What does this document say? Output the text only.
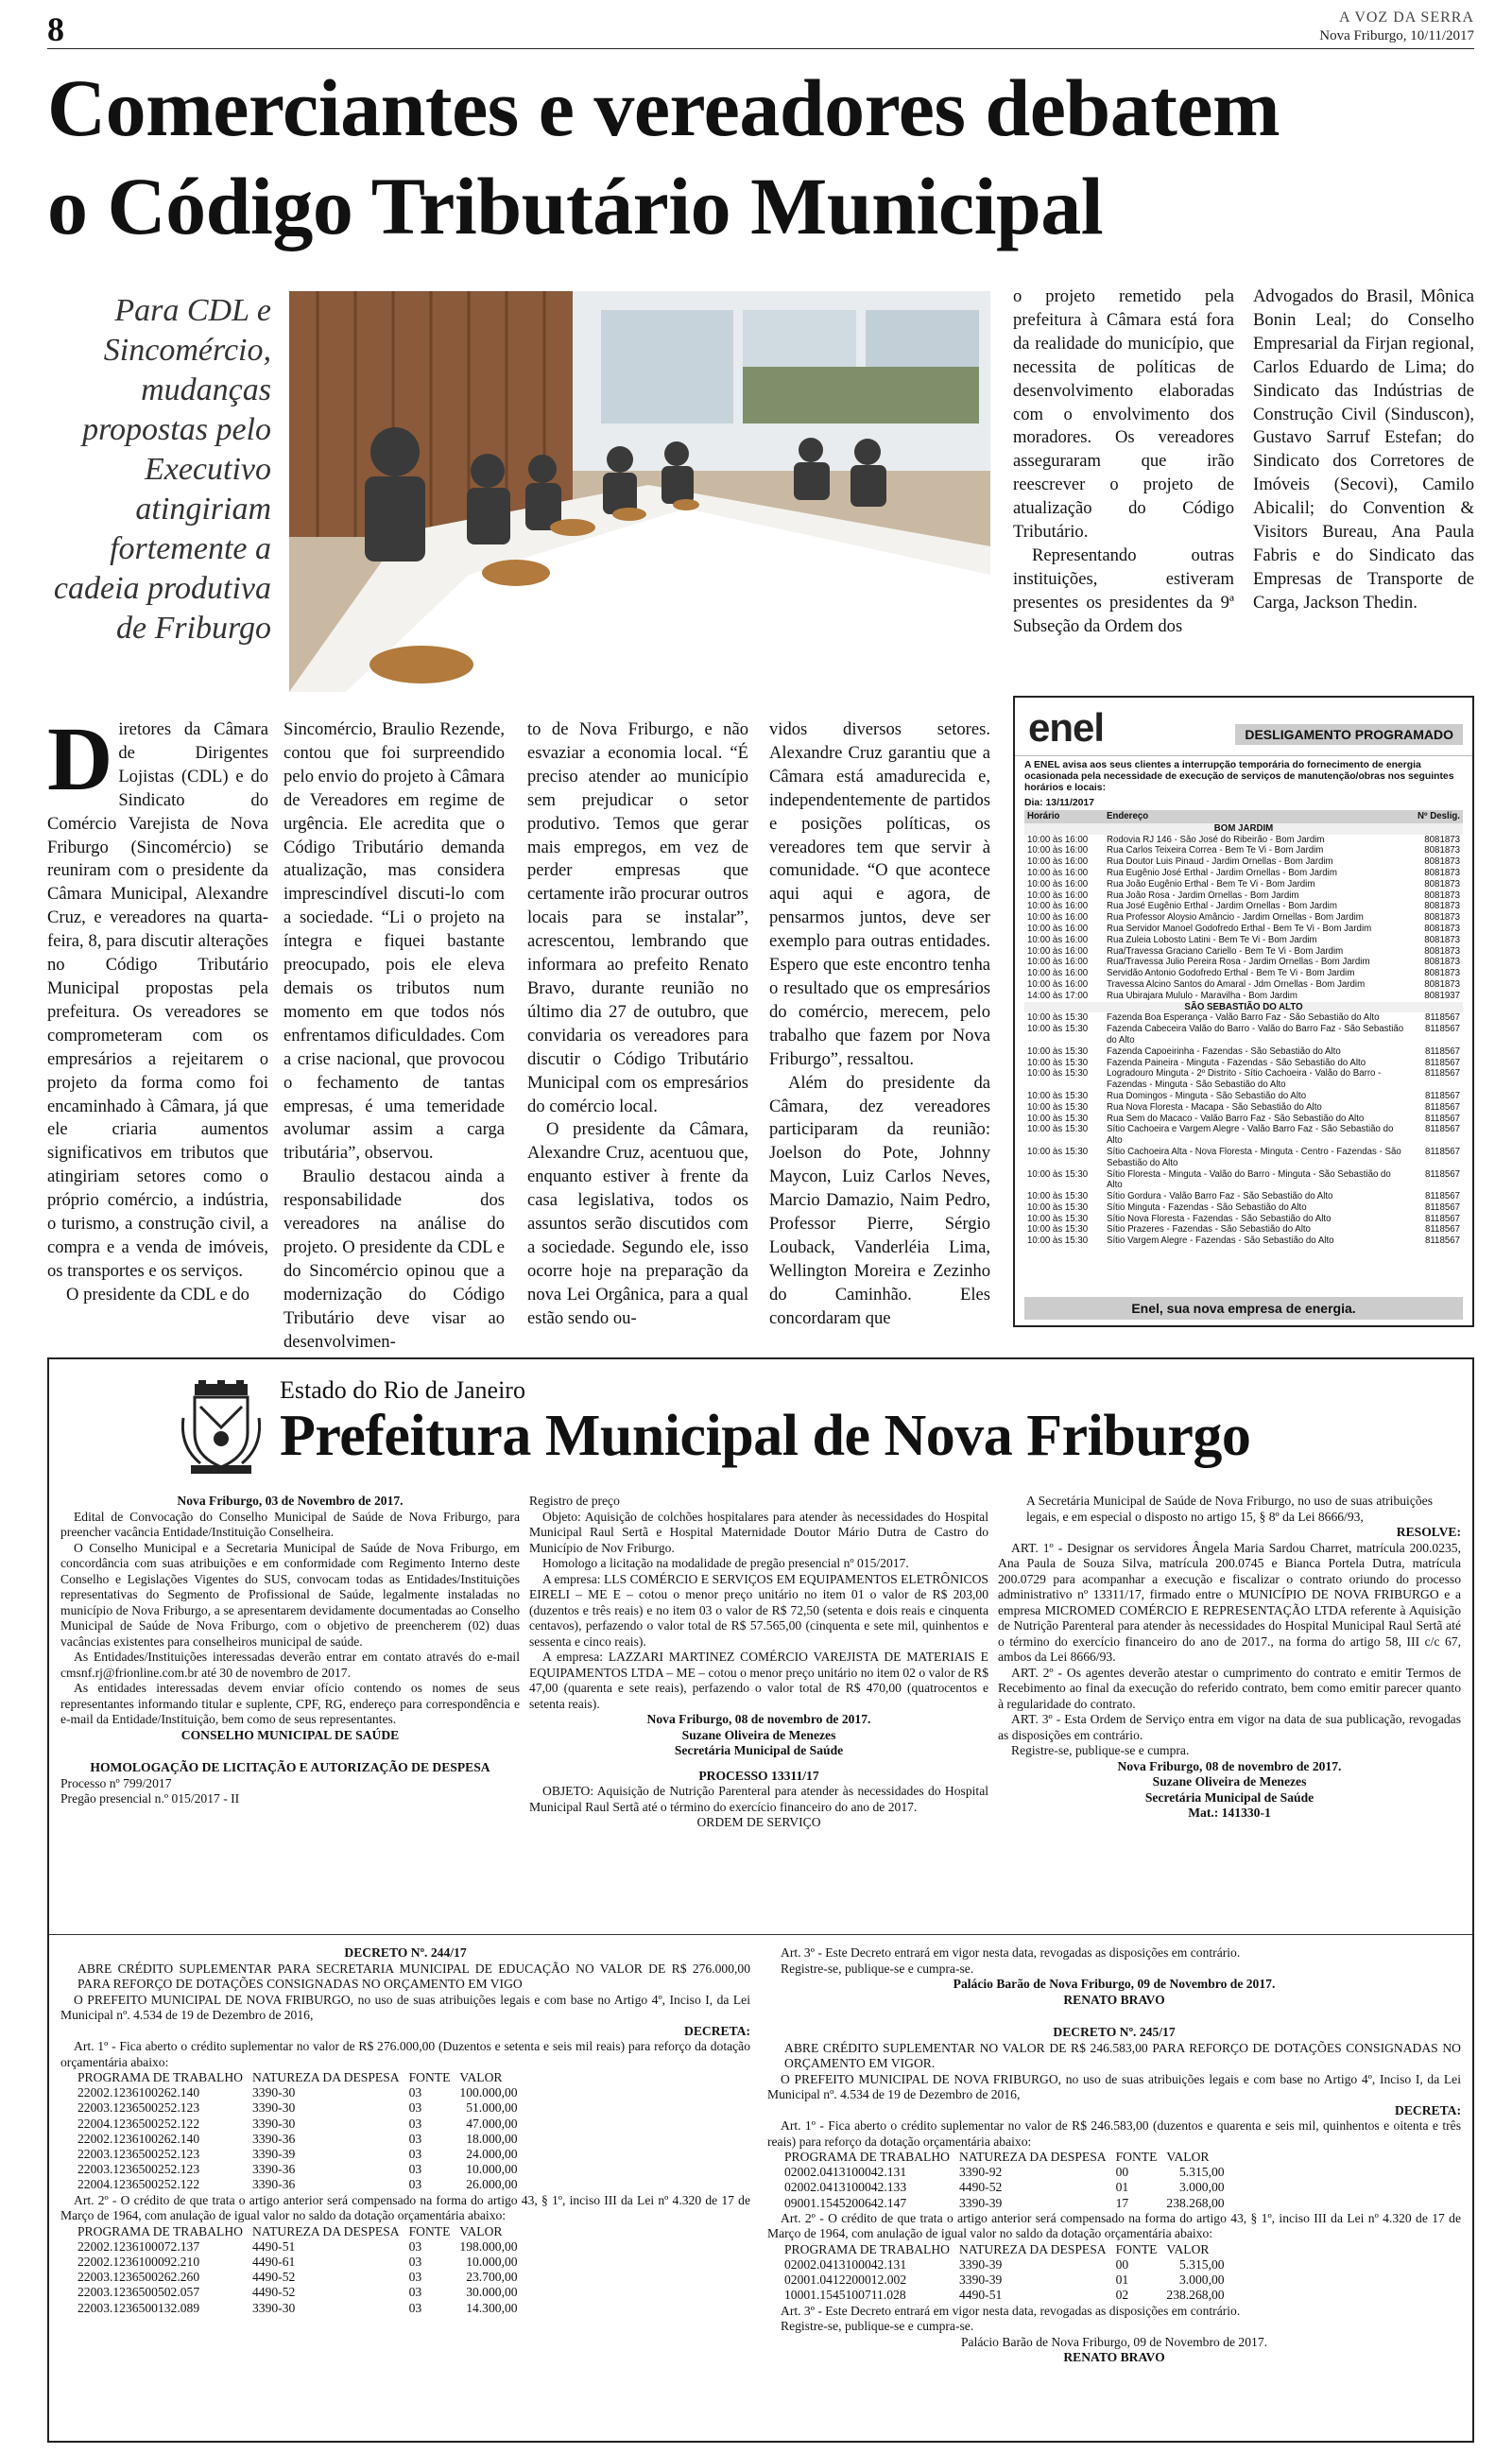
8	A VOZ DA SERRA
Nova Friburgo, 10/11/2017
Comerciantes e vereadores debatem
o Código Tributário Municipal
Para CDL e Sincomércio, mudanças propostas pelo Executivo atingiriam fortemente a cadeia produtiva de Friburgo

Diretores da Câmara de Dirigentes Lojistas (CDL) e do Sindicato do Comércio Varejista de Nova Friburgo (Sincomércio) se reuniram com o presidente da Câmara Municipal, Alexandre Cruz, e vereadores na quarta-feira, 8, para discutir alterações no Código Tributário Municipal propostas pela prefeitura. Os vereadores se comprometeram com os empresários a rejeitarem o projeto da forma como foi encaminhado à Câmara, já que ele criaria aumentos significativos em tributos que atingiriam setores como o próprio comércio, a indústria, o turismo, a construção civil, a compra e a venda de imóveis, os transportes e os serviços.

O presidente da CDL e do

Sincomércio, Braulio Rezende, contou que foi surpreendido pelo envio do projeto à Câmara de Vereadores em regime de urgência. Ele acredita que o Código Tributário demanda atualização, mas considera imprescindível discuti-lo com a sociedade. “Li o projeto na íntegra e fiquei bastante preocupado, pois ele eleva demais os tributos num momento em que todos nós enfrentamos dificuldades. Com a crise nacional, que provocou o fechamento de tantas empresas, é uma temeridade avolumar assim a carga tributária”, observou.

Braulio destacou ainda a responsabilidade dos vereadores na análise do projeto. O presidente da CDL e do Sincomércio opinou que a modernização do Código Tributário deve visar ao desenvolvimen-

to de Nova Friburgo, e não esvaziar a economia local. “É preciso atender ao município sem prejudicar o setor produtivo. Temos que gerar mais empregos, em vez de perder empresas que certamente irão procurar outros locais para se instalar”, acrescentou, lembrando que informara ao prefeito Renato Bravo, durante reunião no último dia 27 de outubro, que convidaria os vereadores para discutir o Código Tributário Municipal com os empresários do comércio local.

O presidente da Câmara, Alexandre Cruz, acentuou que, enquanto estiver à frente da casa legislativa, todos os assuntos serão discutidos com a sociedade. Segundo ele, isso ocorre hoje na preparação da nova Lei Orgânica, para a qual estão sendo ou-

vidos diversos setores. Alexandre Cruz garantiu que a Câmara está amadurecida e, independentemente de partidos e posições políticas, os vereadores tem que servir à comunidade. “O que acontece aqui aqui e agora, de pensarmos juntos, deve ser exemplo para outras entidades. Espero que este encontro tenha o resultado que os empresários do comércio, merecem, pelo trabalho que fazem por Nova Friburgo”, ressaltou.

Além do presidente da Câmara, dez vereadores participaram da reunião: Joelson do Pote, Johnny Maycon, Luiz Carlos Neves, Marcio Damazio, Naim Pedro, Professor Pierre, Sérgio Louback, Vanderléia Lima, Wellington Moreira e Zezinho do Caminhão. Eles concordaram que

o projeto remetido pela prefeitura à Câmara está fora da realidade do município, que necessita de políticas de desenvolvimento elaboradas com o envolvimento dos moradores. Os vereadores asseguraram que irão reescrever o projeto de atualização do Código Tributário.

Representando outras instituições, estiveram presentes os presidentes da 9ª Subseção da Ordem dos

Advogados do Brasil, Mônica Bonin Leal; do Conselho Empresarial da Firjan regional, Carlos Eduardo de Lima; do Sindicato das Indústrias de Construção Civil (Sinduscon), Gustavo Sarruf Estefan; do Sindicato dos Corretores de Imóveis (Secovi), Camilo Abicalil; do Convention & Visitors Bureau, Ana Paula Fabris e do Sindicato das Empresas de Transporte de Carga, Jackson Thedin.

enel	DESLIGAMENTO PROGRAMADO
A ENEL avisa aos seus clientes a interrupção temporária do fornecimento de energia ocasionada pela necessidade de execução de serviços de manutenção/obras nos seguintes horários e locais:
Dia: 13/11/2017
Horário	Endereço	Nº Deslig.
BOM JARDIM		
10:00 às 16:00	Rodovia RJ 146 - São José do Ribeirão - Bom Jardim	8081873
10:00 às 16:00	Rua Carlos Teixeira Correa - Bem Te Vi - Bom Jardim	8081873
10:00 às 16:00	Rua Doutor Luis Pinaud - Jardim Ornellas - Bom Jardim	8081873
10:00 às 16:00	Rua Eugênio José Erthal - Jardim Ornellas - Bom Jardim	8081873
10:00 às 16:00	Rua João Eugênio Erthal - Bem Te Vi - Bom Jardim	8081873
10:00 às 16:00	Rua João Rosa - Jardim Ornellas - Bom Jardim	8081873
10:00 às 16:00	Rua José Eugênio Erthal - Jardim Ornellas - Bom Jardim	8081873
10:00 às 16:00	Rua Professor Aloysio Amâncio - Jardim Ornellas - Bom Jardim	8081873
10:00 às 16:00	Rua Servidor Manoel Godofredo Erthal - Bem Te Vi - Bom Jardim	8081873
10:00 às 16:00	Rua Zuleia Lobosto Latini - Bem Te Vi - Bom Jardim	8081873
10:00 às 16:00	Rua/Travessa Graciano Cariello - Bem Te Vi - Bom Jardim	8081873
10:00 às 16:00	Rua/Travessa Julio Pereira Rosa - Jardim Ornellas - Bom Jardim	8081873
10:00 às 16:00	Servidão Antonio Godofredo Erthal - Bem Te Vi - Bom Jardim	8081873
10:00 às 16:00	Travessa Alcino Santos do Amaral - Jdm Ornellas - Bom Jardim	8081873
14:00 às 17:00	Rua Ubirajara Mululo - Maravilha - Bom Jardim	8081937
SÃO SEBASTIÃO DO ALTO		
10:00 às 15:30	Fazenda Boa Esperança - Valão Barro Faz - São Sebastião do Alto	8118567
10:00 às 15:30	Fazenda Cabeceira Valão do Barro - Valão do Barro Faz - São Sebastião do Alto	8118567
10:00 às 15:30	Fazenda Capoeirinha - Fazendas - São Sebastião do Alto	8118567
10:00 às 15:30	Fazenda Paineira - Minguta - Fazendas - São Sebastião do Alto	8118567
10:00 às 15:30	Logradouro Minguta - 2º Distrito - Sítio Cachoeira - Valão do Barro - Fazendas - Minguta - São Sebastião do Alto	8118567
10:00 às 15:30	Rua Domingos - Minguta - São Sebastião do Alto	8118567
10:00 às 15:30	Rua Nova Floresta - Macapa - São Sebastião do Alto	8118567
10:00 às 15:30	Rua Sem do Macaco - Valão Barro Faz - São Sebastião do Alto	8118567
10:00 às 15:30	Sítio Cachoeira e Vargem Alegre - Valão Barro Faz - São Sebastião do Alto	8118567
10:00 às 15:30	Sítio Cachoeira Alta - Nova Floresta - Minguta - Centro - Fazendas - São Sebastião do Alto	8118567
10:00 às 15:30	Sítio Floresta - Minguta - Valão do Barro - Minguta - São Sebastião do Alto	8118567
10:00 às 15:30	Sítio Gordura - Valão Barro Faz - São Sebastião do Alto	8118567
10:00 às 15:30	Sítio Minguta - Fazendas - São Sebastião do Alto	8118567
10:00 às 15:30	Sítio Nova Floresta - Fazendas - São Sebastião do Alto	8118567
10:00 às 15:30	Sítio Prazeres - Fazendas - São Sebastião do Alto	8118567
10:00 às 15:30	Sítio Vargem Alegre - Fazendas - São Sebastião do Alto	8118567
Enel, sua nova empresa de energia.
Estado do Rio de Janeiro
Prefeitura Municipal de Nova Friburgo

Nova Friburgo, 03 de Novembro de 2017.

Edital de Convocação do Conselho Municipal de Saúde de Nova Friburgo, para preencher vacância Entidade/Instituição Conselheira.

O Conselho Municipal e a Secretaria Municipal de Saúde de Nova Friburgo, em concordância com suas atribuições e em conformidade com Regimento Interno deste Conselho e Legislações Vigentes do SUS, convocam todas as Entidades/Instituições representativas do Segmento de Profissional de Saúde, legalmente instaladas no município de Nova Friburgo, a se apresentarem devidamente documentadas ao Conselho Municipal de Saúde de Nova Friburgo, com o objetivo de preencherem (02) duas vacâncias existentes para conselheiros municipal de saúde.

As Entidades/Instituições interessadas deverão entrar em contato através do e-mail cmsnf.rj@frionline.com.br até 30 de novembro de 2017.

As entidades interessadas devem enviar ofício contendo os nomes de seus representantes informando titular e suplente, CPF, RG, endereço para correspondência e e-mail da Entidade/Instituição, bem como de seus representantes.

CONSELHO MUNICIPAL DE SAÚDE

HOMOLOGAÇÃO DE LICITAÇÃO E AUTORIZAÇÃO DE DESPESA

Processo nº 799/2017

Pregão presencial n.º 015/2017 - II

Registro de preço

Objeto: Aquisição de colchões hospitalares para atender às necessidades do Hospital Municipal Raul Sertã e Hospital Maternidade Doutor Mário Dutra de Castro do Município de Nov Friburgo.

Homologo a licitação na modalidade de pregão presencial nº 015/2017.

A empresa: LLS COMÉRCIO E SERVIÇOS EM EQUIPAMENTOS ELETRÔNICOS EIRELI – ME E – cotou o menor preço unitário no item 01 o valor de R$ 203,00 (duzentos e três reais) e no item 03 o valor de R$ 72,50 (setenta e dois reais e cinquenta centavos), perfazendo o valor total de R$ 57.565,00 (cinquenta e sete mil, quinhentos e sessenta e cinco reais).

A empresa: LAZZARI MARTINEZ COMÉRCIO VAREJISTA DE MATERIAIS E EQUIPAMENTOS LTDA – ME – cotou o menor preço unitário no item 02 o valor de R$ 47,00 (quarenta e sete reais), perfazendo o valor total de R$ 470,00 (quatrocentos e setenta reais).

Nova Friburgo, 08 de novembro de 2017.

Suzane Oliveira de Menezes

Secretária Municipal de Saúde

PROCESSO 13311/17

OBJETO: Aquisição de Nutrição Parenteral para atender às necessidades do Hospital Municipal Raul Sertã até o término do exercício financeiro do ano de 2017.

ORDEM DE SERVIÇO

A Secretária Municipal de Saúde de Nova Friburgo, no uso de suas atribuições legais, e em especial o disposto no artigo 15, § 8º da Lei 8666/93,

RESOLVE:

ART. 1º - Designar os servidores Ângela Maria Sardou Charret, matrícula 200.0235, Ana Paula de Souza Silva, matrícula 200.0745 e Bianca Portela Dutra, matrícula 200.0729 para acompanhar a execução e fiscalizar o contrato oriundo do processo administrativo nº 13311/17, firmado entre o MUNICÍPIO DE NOVA FRIBURGO e a empresa MICROMED COMÉRCIO E REPRESENTAÇÃO LTDA referente à Aquisição de Nutrição Parenteral para atender às necessidades do Hospital Municipal Raul Sertã até o término do exercício financeiro do ano de 2017., na forma do artigo 58, III c/c 67, ambos da Lei 8666/93.

ART. 2º - Os agentes deverão atestar o cumprimento do contrato e emitir Termos de Recebimento ao final da execução do referido contrato, bem como emitir parecer quanto à regularidade do contrato.

ART. 3º - Esta Ordem de Serviço entra em vigor na data de sua publicação, revogadas as disposições em contrário.

Registre-se, publique-se e cumpra.

Nova Friburgo, 08 de novembro de 2017.

Suzane Oliveira de Menezes

Secretária Municipal de Saúde

Mat.: 141330-1

DECRETO Nº. 244/17

ABRE CRÉDITO SUPLEMENTAR PARA SECRETARIA MUNICIPAL DE EDUCAÇÃO NO VALOR DE R$ 276.000,00 PARA REFORÇO DE DOTAÇÕES CONSIGNADAS NO ORÇAMENTO EM VIGO

O PREFEITO MUNICIPAL DE NOVA FRIBURGO, no uso de suas atribuições legais e com base no Artigo 4º, Inciso I, da Lei Municipal nº. 4.534 de 19 de Dezembro de 2016,

DECRETA:

Art. 1º - Fica aberto o crédito suplementar no valor de R$ 276.000,00 (Duzentos e setenta e seis mil reais) para reforço da dotação orçamentária abaixo:

PROGRAMA DE TRABALHO	NATUREZA DA DESPESA	FONTE	VALOR
22002.1236100262.140	3390-30	03	100.000,00
22003.1236500252.123	3390-30	03	51.000,00
22004.1236500252.122	3390-30	03	47.000,00
22002.1236100262.140	3390-36	03	18.000,00
22003.1236500252.123	3390-39	03	24.000,00
22003.1236500252.123	3390-36	03	10.000,00
22004.1236500252.122	3390-36	03	26.000,00

Art. 2º - O crédito de que trata o artigo anterior será compensado na forma do artigo 43, § 1º, inciso III da Lei nº 4.320 de 17 de Março de 1964, com anulação de igual valor no saldo da dotação orçamentária abaixo:

PROGRAMA DE TRABALHO	NATUREZA DA DESPESA	FONTE	VALOR
22002.1236100072.137	4490-51	03	198.000,00
22002.1236100092.210	4490-61	03	10.000,00
22003.1236500262.260	4490-52	03	23.700,00
22003.1236500502.057	4490-52	03	30.000,00
22003.1236500132.089	3390-30	03	14.300,00

Art. 3º - Este Decreto entrará em vigor nesta data, revogadas as disposições em contrário.

Registre-se, publique-se e cumpra-se.

Palácio Barão de Nova Friburgo, 09 de Novembro de 2017.

RENATO BRAVO

DECRETO Nº. 245/17

ABRE CRÉDITO SUPLEMENTAR NO VALOR DE R$ 246.583,00 PARA REFORÇO DE DOTAÇÕES CONSIGNADAS NO ORÇAMENTO EM VIGOR.

O PREFEITO MUNICIPAL DE NOVA FRIBURGO, no uso de suas atribuições legais e com base no Artigo 4º, Inciso I, da Lei Municipal nº. 4.534 de 19 de Dezembro de 2016,

DECRETA:

Art. 1º - Fica aberto o crédito suplementar no valor de R$ 246.583,00 (duzentos e quarenta e seis mil, quinhentos e oitenta e três reais) para reforço da dotação orçamentária abaixo:

PROGRAMA DE TRABALHO	NATUREZA DA DESPESA	FONTE	VALOR
02002.0413100042.131	3390-92	00	5.315,00
02002.0413100042.133	4490-52	01	3.000,00
09001.1545200642.147	3390-39	17	238.268,00

Art. 2º - O crédito de que trata o artigo anterior será compensado na forma do artigo 43, § 1º, inciso III da Lei nº 4.320 de 17 de Março de 1964, com anulação de igual valor no saldo da dotação orçamentária abaixo:

PROGRAMA DE TRABALHO	NATUREZA DA DESPESA	FONTE	VALOR
02002.0413100042.131	3390-39	00	5.315,00
02001.0412200012.002	3390-39	01	3.000,00
10001.1545100711.028	4490-51	02	238.268,00

Art. 3º - Este Decreto entrará em vigor nesta data, revogadas as disposições em contrário.

Registre-se, publique-se e cumpra-se.

Palácio Barão de Nova Friburgo, 09 de Novembro de 2017.

RENATO BRAVO
